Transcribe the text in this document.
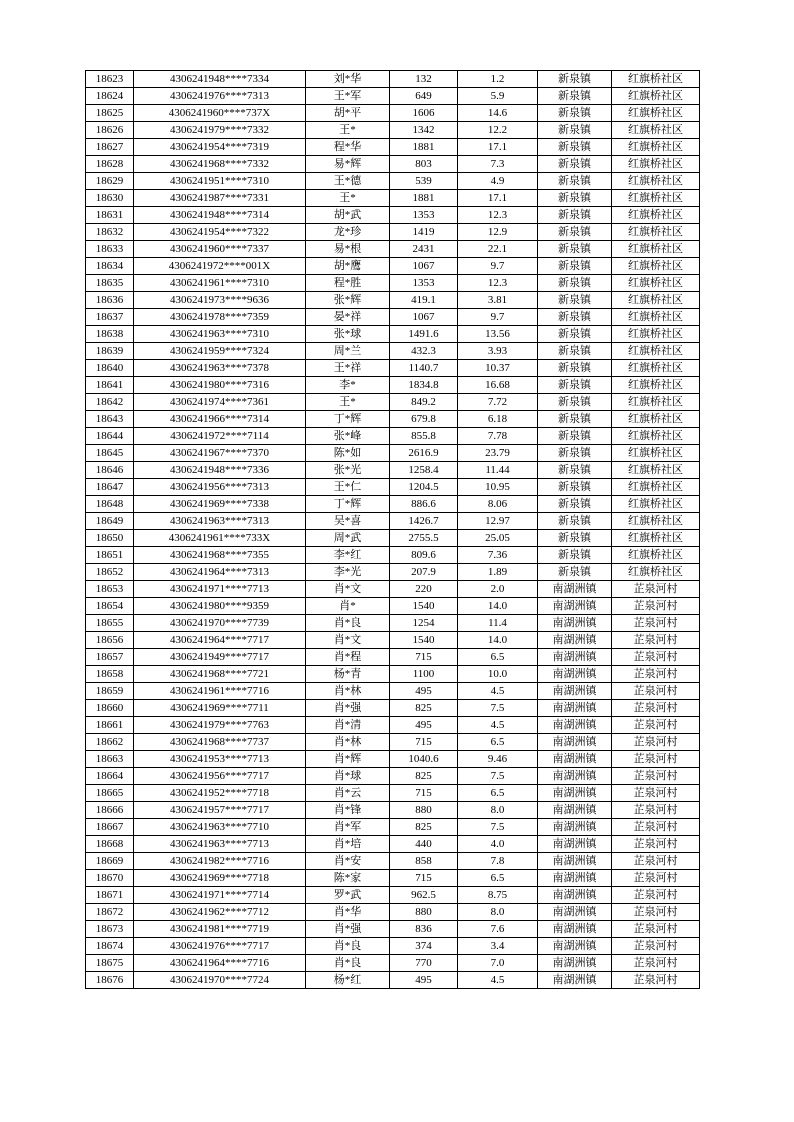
18623	4306241948****7334	刘*华	132	1.2	新泉镇	红旗桥社区
18624	4306241976****7313	王*军	649	5.9	新泉镇	红旗桥社区
18625	4306241960****737X	胡*平	1606	14.6	新泉镇	红旗桥社区
18626	4306241979****7332	王*	1342	12.2	新泉镇	红旗桥社区
18627	4306241954****7319	程*华	1881	17.1	新泉镇	红旗桥社区
18628	4306241968****7332	易*辉	803	7.3	新泉镇	红旗桥社区
18629	4306241951****7310	王*德	539	4.9	新泉镇	红旗桥社区
18630	4306241987****7331	王*	1881	17.1	新泉镇	红旗桥社区
18631	4306241948****7314	胡*武	1353	12.3	新泉镇	红旗桥社区
18632	4306241954****7322	龙*珍	1419	12.9	新泉镇	红旗桥社区
18633	4306241960****7337	易*根	2431	22.1	新泉镇	红旗桥社区
18634	4306241972****001X	胡*鹰	1067	9.7	新泉镇	红旗桥社区
18635	4306241961****7310	程*胜	1353	12.3	新泉镇	红旗桥社区
18636	4306241973****9636	张*辉	419.1	3.81	新泉镇	红旗桥社区
18637	4306241978****7359	晏*祥	1067	9.7	新泉镇	红旗桥社区
18638	4306241963****7310	张*球	1491.6	13.56	新泉镇	红旗桥社区
18639	4306241959****7324	周*兰	432.3	3.93	新泉镇	红旗桥社区
18640	4306241963****7378	王*祥	1140.7	10.37	新泉镇	红旗桥社区
18641	4306241980****7316	李*	1834.8	16.68	新泉镇	红旗桥社区
18642	4306241974****7361	王*	849.2	7.72	新泉镇	红旗桥社区
18643	4306241966****7314	丁*辉	679.8	6.18	新泉镇	红旗桥社区
18644	4306241972****7114	张*峰	855.8	7.78	新泉镇	红旗桥社区
18645	4306241967****7370	陈*如	2616.9	23.79	新泉镇	红旗桥社区
18646	4306241948****7336	张*光	1258.4	11.44	新泉镇	红旗桥社区
18647	4306241956****7313	王*仁	1204.5	10.95	新泉镇	红旗桥社区
18648	4306241969****7338	丁*辉	886.6	8.06	新泉镇	红旗桥社区
18649	4306241963****7313	吴*喜	1426.7	12.97	新泉镇	红旗桥社区
18650	4306241961****733X	周*武	2755.5	25.05	新泉镇	红旗桥社区
18651	4306241968****7355	李*红	809.6	7.36	新泉镇	红旗桥社区
18652	4306241964****7313	李*光	207.9	1.89	新泉镇	红旗桥社区
18653	4306241971****7713	肖*文	220	2.0	南湖洲镇	芷泉河村
18654	4306241980****9359	肖*	1540	14.0	南湖洲镇	芷泉河村
18655	4306241970****7739	肖*良	1254	11.4	南湖洲镇	芷泉河村
18656	4306241964****7717	肖*文	1540	14.0	南湖洲镇	芷泉河村
18657	4306241949****7717	肖*程	715	6.5	南湖洲镇	芷泉河村
18658	4306241968****7721	杨*青	1100	10.0	南湖洲镇	芷泉河村
18659	4306241961****7716	肖*林	495	4.5	南湖洲镇	芷泉河村
18660	4306241969****7711	肖*强	825	7.5	南湖洲镇	芷泉河村
18661	4306241979****7763	肖*清	495	4.5	南湖洲镇	芷泉河村
18662	4306241968****7737	肖*林	715	6.5	南湖洲镇	芷泉河村
18663	4306241953****7713	肖*辉	1040.6	9.46	南湖洲镇	芷泉河村
18664	4306241956****7717	肖*球	825	7.5	南湖洲镇	芷泉河村
18665	4306241952****7718	肖*云	715	6.5	南湖洲镇	芷泉河村
18666	4306241957****7717	肖*锋	880	8.0	南湖洲镇	芷泉河村
18667	4306241963****7710	肖*军	825	7.5	南湖洲镇	芷泉河村
18668	4306241963****7713	肖*培	440	4.0	南湖洲镇	芷泉河村
18669	4306241982****7716	肖*安	858	7.8	南湖洲镇	芷泉河村
18670	4306241969****7718	陈*家	715	6.5	南湖洲镇	芷泉河村
18671	4306241971****7714	罗*武	962.5	8.75	南湖洲镇	芷泉河村
18672	4306241962****7712	肖*华	880	8.0	南湖洲镇	芷泉河村
18673	4306241981****7719	肖*强	836	7.6	南湖洲镇	芷泉河村
18674	4306241976****7717	肖*良	374	3.4	南湖洲镇	芷泉河村
18675	4306241964****7716	肖*良	770	7.0	南湖洲镇	芷泉河村
18676	4306241970****7724	杨*红	495	4.5	南湖洲镇	芷泉河村
